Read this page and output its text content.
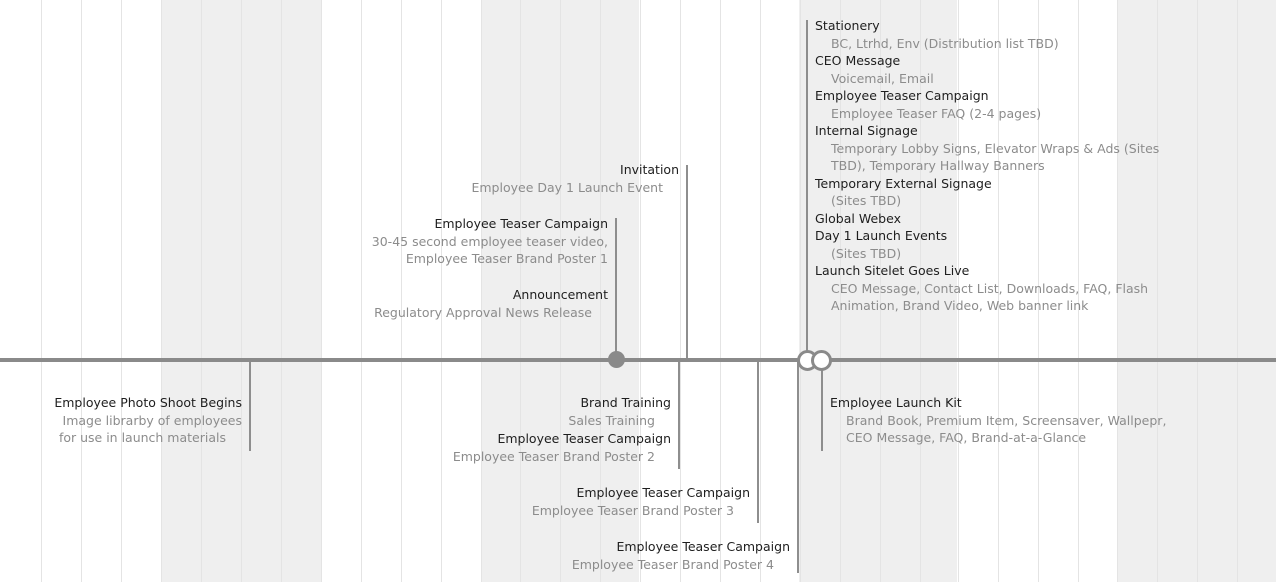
Employee Photo Shoot Begins
Image librarby of employees
for use in launch materials
Invitation
Employee Day 1 Launch Event
Employee Teaser Campaign
30-45 second employee teaser video,
Employee Teaser Brand Poster 1
Announcement
Regulatory Approval News Release
Brand Training
Sales Training
Employee Teaser Campaign
Employee Teaser Brand Poster 2
Employee Teaser Campaign
Employee Teaser Brand Poster 3
Employee Teaser Campaign
Employee Teaser Brand Poster 4
Employee Launch Kit
Brand Book, Premium Item, Screensaver, Wallpepr,
CEO Message, FAQ, Brand-at-a-Glance
Stationery
BC, Ltrhd, Env (Distribution list TBD)
CEO Message
Voicemail, Email
Employee Teaser Campaign
Employee Teaser FAQ (2-4 pages)
Internal Signage
Temporary Lobby Signs, Elevator Wraps & Ads (Sites
TBD), Temporary Hallway Banners
Temporary External Signage
(Sites TBD)
Global Webex
Day 1 Launch Events
(Sites TBD)
Launch Sitelet Goes Live
CEO Message, Contact List, Downloads, FAQ, Flash
Animation, Brand Video, Web banner link
